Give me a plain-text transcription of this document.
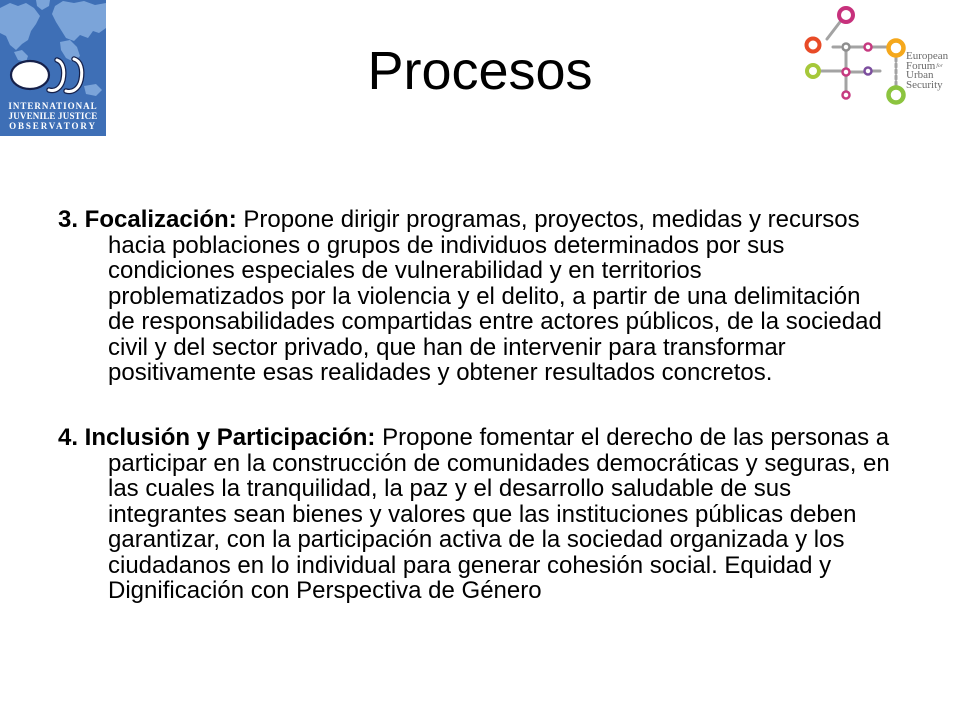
INTERNATIONAL
JUVENILE JUSTICE
OBSERVATORY
Procesos	European
Forumfor
Urban
Security
3. Focalización: Propone dirigir programas, proyectos, medidas y recursos
hacia poblaciones o grupos de individuos determinados por sus
condiciones especiales de vulnerabilidad y en territorios
problematizados por la violencia y el delito, a partir de una delimitación
de responsabilidades compartidas entre actores públicos, de la sociedad
civil y del sector privado, que han de intervenir para transformar
positivamente esas realidades y obtener resultados concretos.
4. Inclusión y Participación: Propone fomentar el derecho de las personas a
participar en la construcción de comunidades democráticas y seguras, en
las cuales la tranquilidad, la paz y el desarrollo saludable de sus
integrantes sean bienes y valores que las instituciones públicas deben
garantizar, con la participación activa de la sociedad organizada y los
ciudadanos en lo individual para generar cohesión social. Equidad y
Dignificación con Perspectiva de Género
